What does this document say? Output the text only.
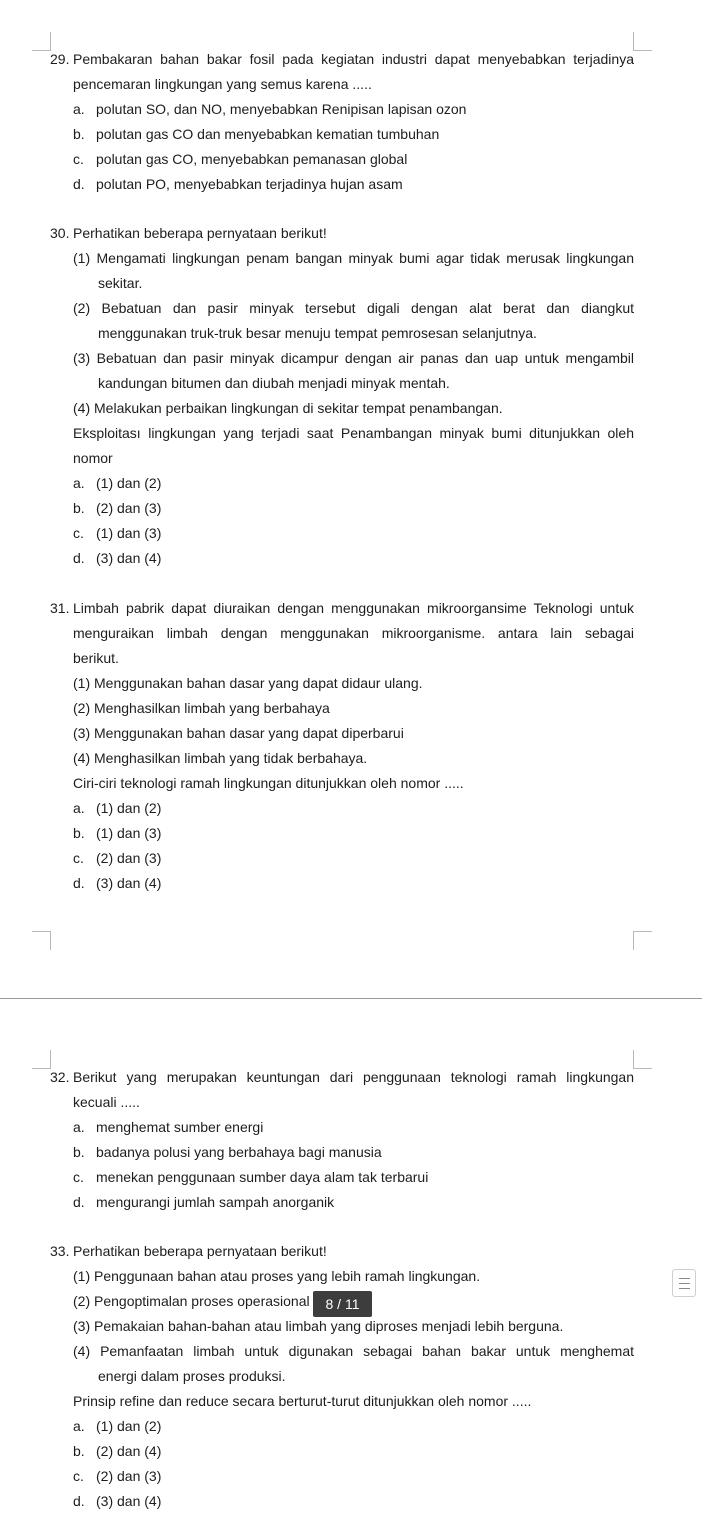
29. Pembakaran bahan bakar fosil pada kegiatan industri dapat menyebabkan terjadinya
pencemaran lingkungan yang semus karena .....
a. polutan SO, dan NO, menyebabkan Renipisan lapisan ozon
b. polutan gas CO dan menyebabkan kematian tumbuhan
c. polutan gas CO, menyebabkan pemanasan global
d. polutan PO, menyebabkan terjadinya hujan asam
30. Perhatikan beberapa pernyataan berikut!
(1) Mengamati lingkungan penam bangan minyak bumi agar tidak merusak lingkungan
sekitar.
(2) Bebatuan dan pasir minyak tersebut digali dengan alat berat dan diangkut
menggunakan truk-truk besar menuju tempat pemrosesan selanjutnya.
(3) Bebatuan dan pasir minyak dicampur dengan air panas dan uap untuk mengambil
kandungan bitumen dan diubah menjadi minyak mentah.
(4) Melakukan perbaikan lingkungan di sekitar tempat penambangan.
Eksploitası lingkungan yang terjadi saat Penambangan minyak bumi ditunjukkan oleh
nomor
a. (1) dan (2)
b. (2) dan (3)
c. (1) dan (3)
d. (3) dan (4)
31. Limbah pabrik dapat diuraikan dengan menggunakan mikroorgansime Teknologi untuk
menguraikan limbah dengan menggunakan mikroorganisme. antara lain sebagai
berikut.
(1) Menggunakan bahan dasar yang dapat didaur ulang.
(2) Menghasilkan limbah yang berbahaya
(3) Menggunakan bahan dasar yang dapat diperbarui
(4) Menghasilkan limbah yang tidak berbahaya.
Ciri-ciri teknologi ramah lingkungan ditunjukkan oleh nomor .....
a. (1) dan (2)
b. (1) dan (3)
c. (2) dan (3)
d. (3) dan (4)
32. Berikut yang merupakan keuntungan dari penggunaan teknologi ramah lingkungan
kecuali .....
a. menghemat sumber energi
b. badanya polusi yang berbahaya bagi manusia
c. menekan penggunaan sumber daya alam tak terbarui
d. mengurangi jumlah sampah anorganik
33. Perhatikan beberapa pernyataan berikut!
(1) Penggunaan bahan atau proses yang lebih ramah lingkungan.
(2) Pengoptimalan proses operasional
(3) Pemakaian bahan-bahan atau limbah yang diproses menjadi lebih berguna.
(4) Pemanfaatan limbah untuk digunakan sebagai bahan bakar untuk menghemat
energi dalam proses produksi.
Prinsip refine dan reduce secara berturut-turut ditunjukkan oleh nomor .....
a. (1) dan (2)
b. (2) dan (4)
c. (2) dan (3)
d. (3) dan (4)
8 / 11
